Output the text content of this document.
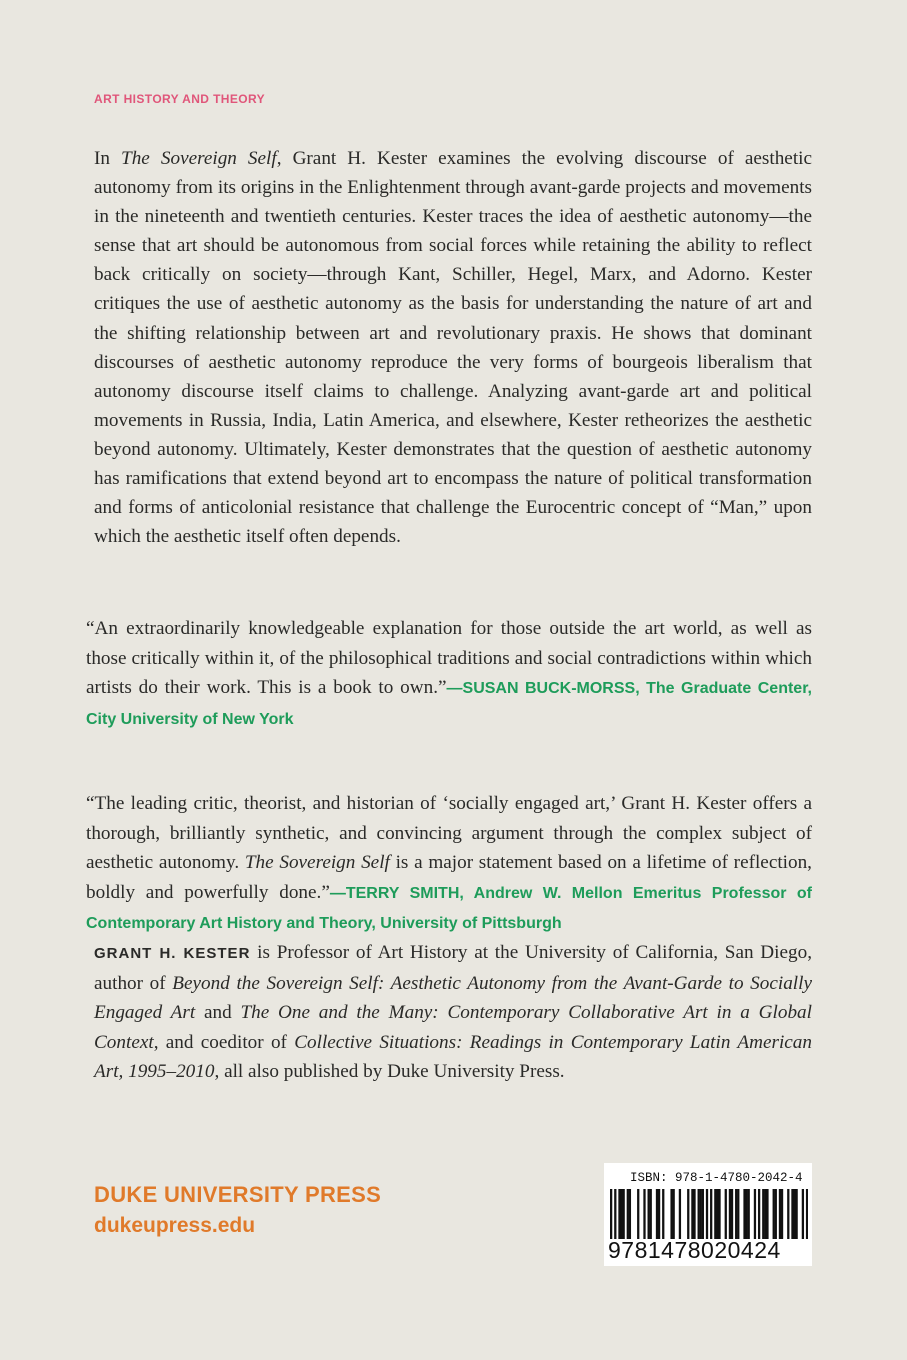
ART HISTORY AND THEORY

In The Sovereign Self, Grant H. Kester examines the evolving discourse of aesthetic autonomy from its origins in the Enlightenment through avant-garde projects and movements in the nineteenth and twentieth centuries. Kester traces the idea of aesthetic autonomy—the sense that art should be autonomous from social forces while retaining the ability to reflect back critically on society—through Kant, Schiller, Hegel, Marx, and Adorno. Kester critiques the use of aesthetic autonomy as the basis for understanding the nature of art and the shifting relationship between art and revolutionary praxis. He shows that dominant discourses of aesthetic autonomy reproduce the very forms of bourgeois liberalism that autonomy discourse itself claims to challenge. Analyzing avant-garde art and political movements in Russia, India, Latin America, and elsewhere, Kester retheorizes the aesthetic beyond autonomy. Ultimately, Kester demonstrates that the question of aesthetic autonomy has ramifications that extend beyond art to encompass the nature of political transformation and forms of anticolonial resistance that challenge the Eurocentric concept of “Man,” upon which the aesthetic itself often depends.

“An extraordinarily knowledgeable explanation for those outside the art world, as well as those critically within it, of the philosophical traditions and social contradictions within which artists do their work. This is a book to own.”—SUSAN BUCK-MORSS, The Graduate Center, City University of New York

“The leading critic, theorist, and historian of ‘socially engaged art,’ Grant H. Kester offers a thorough, brilliantly synthetic, and convincing argument through the complex subject of aesthetic autonomy. The Sovereign Self is a major statement based on a lifetime of reflection, boldly and powerfully done.”—TERRY SMITH, Andrew W. Mellon Emeritus Professor of Contemporary Art History and Theory, University of Pittsburgh

GRANT H. KESTER is Professor of Art History at the University of California, San Diego, author of Beyond the Sovereign Self: Aesthetic Autonomy from the Avant-Garde to Socially Engaged Art and The One and the Many: Contemporary Collaborative Art in a Global Context, and coeditor of Collective Situations: Readings in Contemporary Latin American Art, 1995–2010, all also published by Duke University Press.

DUKE UNIVERSITY PRESS
dukeupress.edu
ISBN: 978-1-4780-2042-4
9781478020424
